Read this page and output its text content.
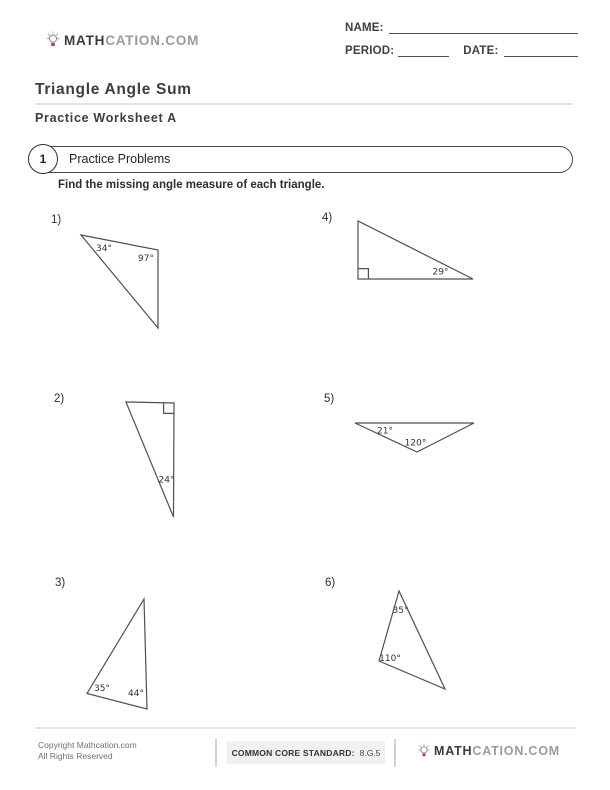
MATHCATION.COM
NAME:
PERIOD:	DATE:
Triangle Angle Sum
Practice Worksheet A
Practice Problems
1
Find the missing angle measure of each triangle.
1)	4)
2)	5)
3)	6)
34°
97°
29°
24°
21°
120°
35° 44°
35°
110°
Copyright Mathcation.com
All Rights Reserved	COMMON CORE STANDARD: 8.G.5	MATHCATION.COM
